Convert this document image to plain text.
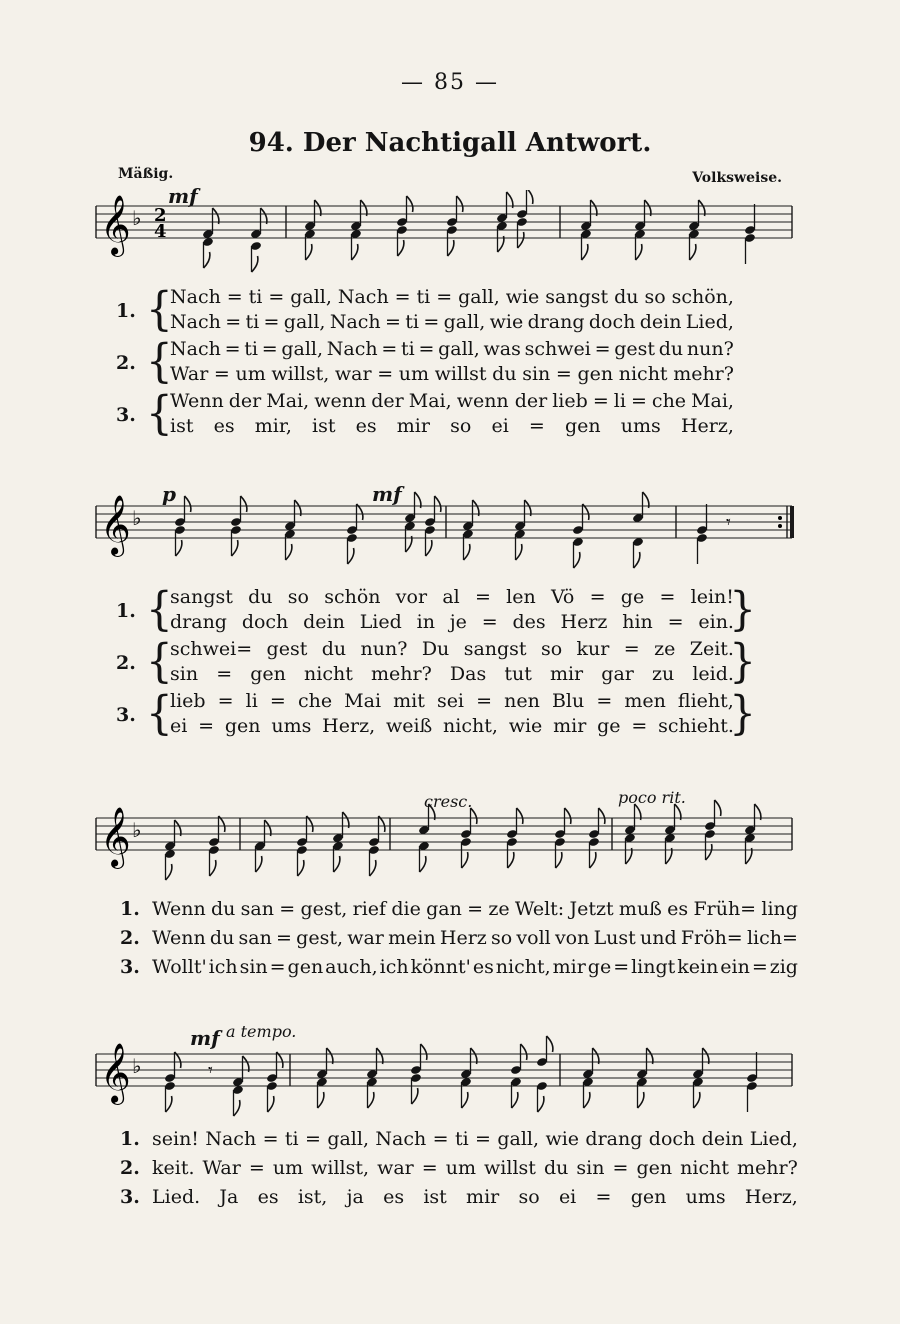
— 85 —
94. Der Nachtigall Antwort.
Mäßig.	Volksweise.
mf
𝄞 ♭ 2
4
1. {
Nach = ti = gall, Nach = ti = gall, wie sangst du so schön,
Nach = ti = gall, Nach = ti = gall, wie drang doch dein Lied,
2. {
Nach = ti = gall, Nach = ti = gall, was schwei = gest du nun?
War = um willst, war = um willst du sin = gen nicht mehr?
3. {
Wenn der Mai, wenn der Mai, wenn der lieb = li = che Mai,
ist es mir, ist es mir so ei = gen ums Herz,
p	mf
𝄞 ♭	𝄾
1. {	}
sangst du so schön vor al = len Vö = ge = lein!
drang doch dein Lied in je = des Herz hin = ein.
2. {	}
schwei= gest du nun? Du sangst so kur = ze Zeit.
sin = gen nicht mehr? Das tut mir gar zu leid.
3. {	}
lieb = li = che Mai mit sei = nen Blu = men flieht,
ei = gen ums Herz, weiß nicht, wie mir ge = schieht.
cresc.	poco rit.
𝄞 ♭
1. Wenn du san = gest, rief die gan = ze Welt: Jetzt muß es Früh= ling
2. Wenn du san = gest, war mein Herz so voll von Lust und Fröh= lich=
3. Wollt' ich sin = gen auch, ich könnt' es nicht, mir ge = lingt kein ein = zig
mf a tempo.
𝄞 ♭	𝄾
1. sein! Nach = ti = gall, Nach = ti = gall, wie drang doch dein Lied,
2. keit. War = um willst, war = um willst du sin = gen nicht mehr?
3. Lied. Ja es ist, ja es ist mir so ei = gen ums Herz,
